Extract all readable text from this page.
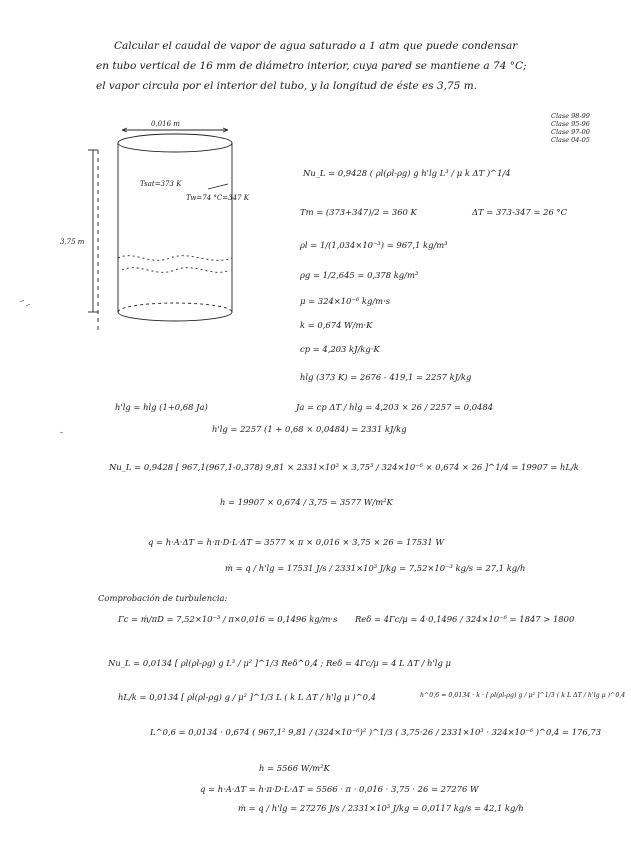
Calcular el caudal de vapor de agua saturado a 1 atm que puede condensar
en tubo vertical de 16 mm de diámetro interior, cuya pared se mantiene a 74 °C;
el vapor circula por el interior del tubo, y la longitud de éste es 3,75 m.
Clase 98-99
Clase 95-96
Clase 97-00
Clase 04-05
0,016 m
Tsat=373 K
Tw=74 °C=347 K
3,75 m
Nu_L = 0,9428 ( ρl(ρl-ρg) g h'lg L³ / μ k ΔT )^1/4
Tm = (373+347)/2 = 360 K	ΔT = 373-347 = 26 °C
ρl = 1/(1,034×10⁻³) = 967,1 kg/m³
ρg = 1/2,645 = 0,378 kg/m³
μ = 324×10⁻⁶ kg/m·s
k = 0,674 W/m·K
cp = 4,203 kJ/kg·K
hlg (373 K) = 2676 - 419,1 = 2257 kJ/kg
h'lg = hlg (1+0,68 Ja)	Ja = cp ΔT / hlg = 4,203 × 26 / 2257 = 0,0484
h'lg = 2257 (1 + 0,68 × 0,0484) = 2331 kJ/kg
Nu_L = 0,9428 [ 967,1(967,1-0,378) 9,81 × 2331×10³ × 3,75³ / 324×10⁻⁶ × 0,674 × 26 ]^1/4 = 19907 = hL/k
h = 19907 × 0,674 / 3,75 = 3577 W/m²K
q = h·A·ΔT = h·π·D·L·ΔT = 3577 × π × 0,016 × 3,75 × 26 = 17531 W
ṁ = q / h'lg = 17531 J/s / 2331×10³ J/kg = 7,52×10⁻³ kg/s = 27,1 kg/h
Comprobación de turbulencia:
Γc = ṁ/πD = 7,52×10⁻³ / π×0,016 = 0,1496 kg/m·s Reδ = 4Γc/μ = 4·0,1496 / 324×10⁻⁶ = 1847 > 1800
Nu_L = 0,0134 [ ρl(ρl-ρg) g L³ / μ² ]^1/3 Reδ^0,4 ; Reδ = 4Γc/μ = 4 L ΔT / h'lg μ
hL/k = 0,0134 [ ρl(ρl-ρg) g / μ² ]^1/3 L ( k L ΔT / h'lg μ )^0,4	h^0,6 = 0,0134 · k · [ ρl(ρl-ρg) g / μ² ]^1/3 ( k L ΔT / h'lg μ )^0,4
L^0,6 = 0,0134 · 0,674 ( 967,1² 9,81 / (324×10⁻⁶)² )^1/3 ( 3,75·26 / 2331×10³ · 324×10⁻⁶ )^0,4 = 176,73
h = 5566 W/m²K
q = h·A·ΔT = h·π·D·L·ΔT = 5566 · π · 0,016 · 3,75 · 26 = 27276 W
ṁ = q / h'lg = 27276 J/s / 2331×10³ J/kg = 0,0117 kg/s = 42,1 kg/h
